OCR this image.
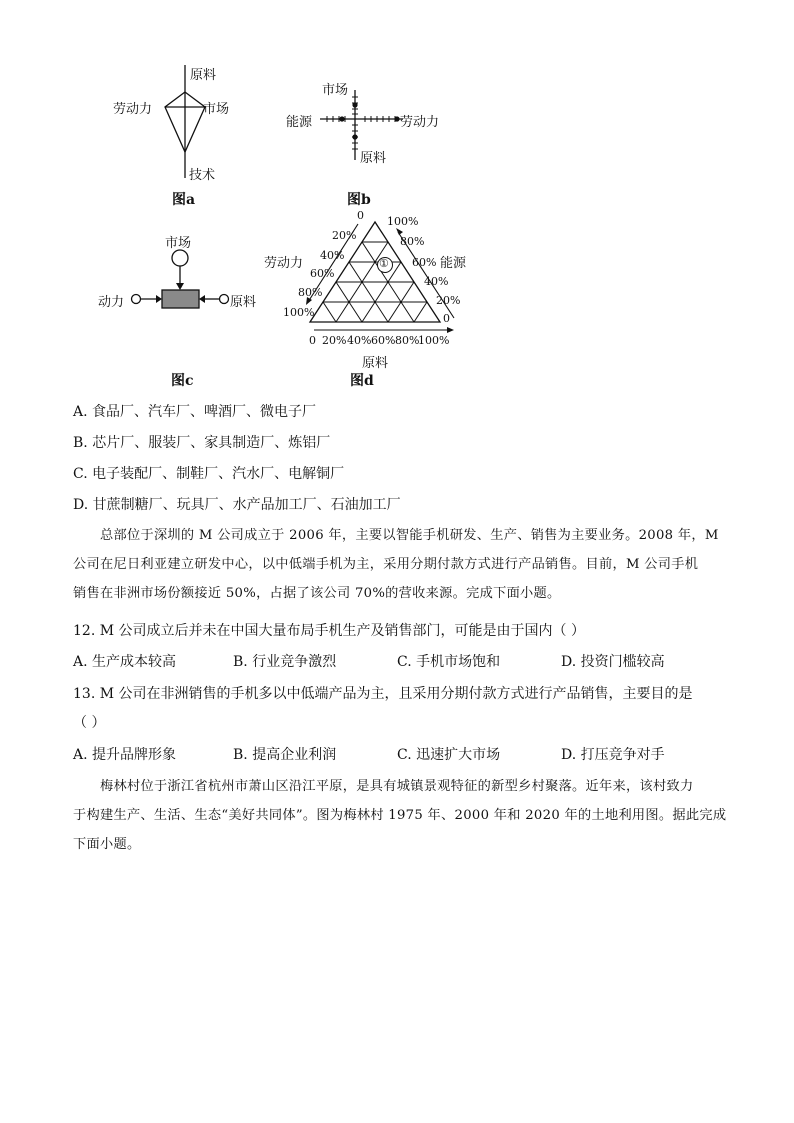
原料
劳动力	市场
技术
图a
市场
能源	劳动力
原料
图b
市场
动力	原料
图c
①
劳动力	能源
原料
0
20%
40%
60%
80%
100%
100%
80%
60%
40%
20%
0
0 20% 40% 60% 80%
100%
图d
A. 食品厂、汽车厂、啤酒厂、微电子厂
B. 芯片厂、服装厂、家具制造厂、炼铝厂
C. 电子装配厂、制鞋厂、汽水厂、电解铜厂
D. 甘蔗制糖厂、玩具厂、水产品加工厂、石油加工厂
总部位于深圳的 M 公司成立于 2006 年，主要以智能手机研发、生产、销售为主要业务。2008 年，M
公司在尼日利亚建立研发中心，以中低端手机为主，采用分期付款方式进行产品销售。目前，M 公司手机
销售在非洲市场份额接近 50%，占据了该公司 70%的营收来源。完成下面小题。
12. M 公司成立后并未在中国大量布局手机生产及销售部门，可能是由于国内（ ）
A. 生产成本较高	B. 行业竞争激烈	C. 手机市场饱和	D. 投资门槛较高
13. M 公司在非洲销售的手机多以中低端产品为主，且采用分期付款方式进行产品销售，主要目的是
（ ）
A. 提升品牌形象	B. 提高企业利润	C. 迅速扩大市场	D. 打压竞争对手
梅林村位于浙江省杭州市萧山区沿江平原，是具有城镇景观特征的新型乡村聚落。近年来，该村致力
于构建生产、生活、生态“美好共同体”。图为梅林村 1975 年、2000 年和 2020 年的土地利用图。据此完成
下面小题。
